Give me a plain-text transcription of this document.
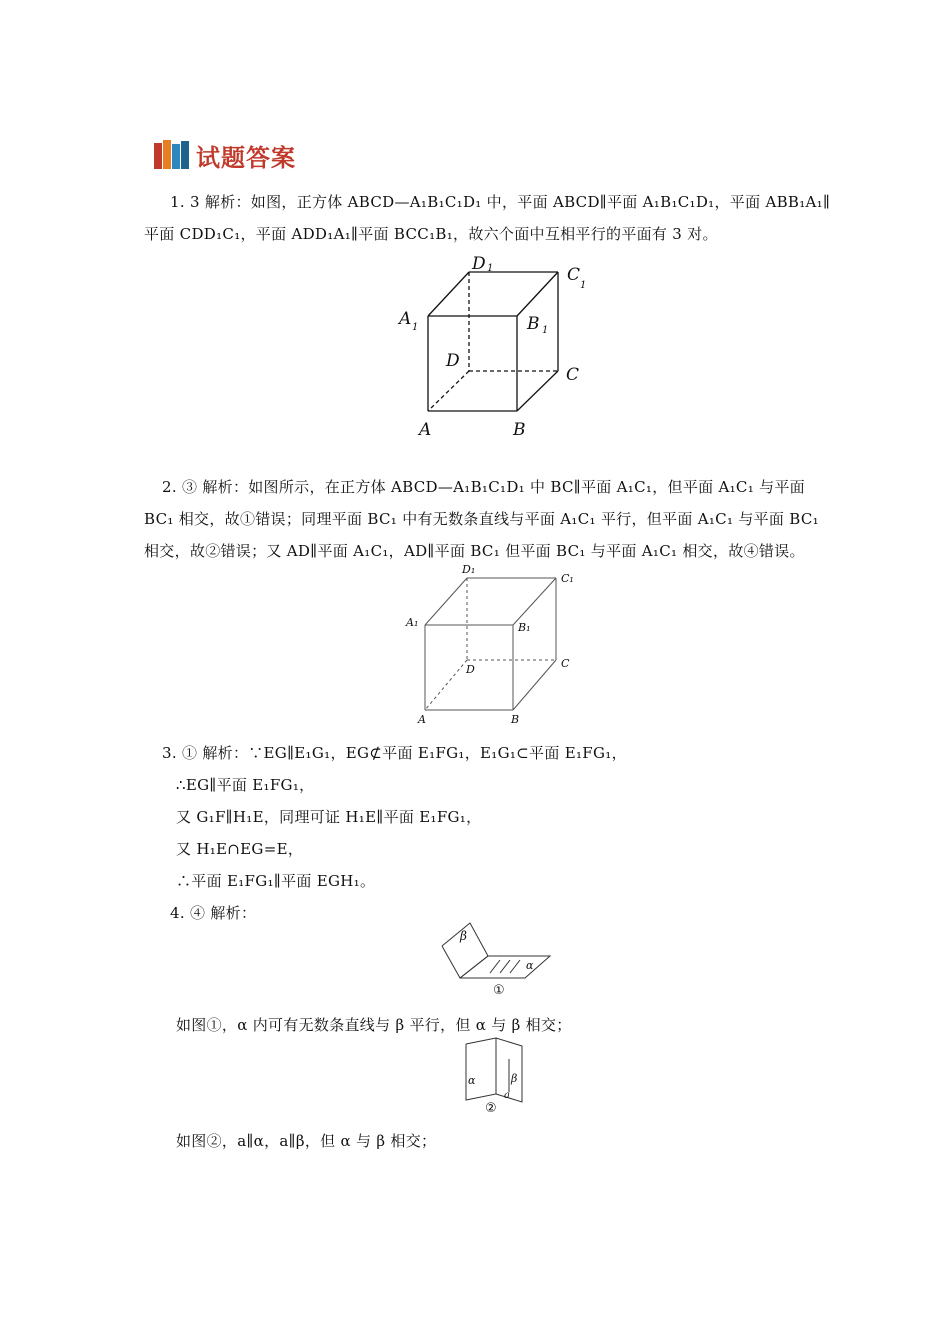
试题答案
1. 3 解析：如图，正方体 ABCD—A₁B₁C₁D₁ 中，平面 ABCD∥平面 A₁B₁C₁D₁，平面 ABB₁A₁∥
平面 CDD₁C₁，平面 ADD₁A₁∥平面 BCC₁B₁，故六个面中互相平行的平面有 3 对。
D 1	C
1
A 1	B 1
D
C
A	B
2. ③ 解析：如图所示，在正方体 ABCD—A₁B₁C₁D₁ 中 BC∥平面 A₁C₁，但平面 A₁C₁ 与平面
BC₁ 相交，故①错误；同理平面 BC₁ 中有无数条直线与平面 A₁C₁ 平行，但平面 A₁C₁ 与平面 BC₁
相交，故②错误；又 AD∥平面 A₁C₁，AD∥平面 BC₁ 但平面 BC₁ 与平面 A₁C₁ 相交，故④错误。
D₁
C₁
A₁	B₁
D	C
A	B
3. ① 解析：∵EG∥E₁G₁，EG⊄平面 E₁FG₁，E₁G₁⊂平面 E₁FG₁，
∴EG∥平面 E₁FG₁，
又 G₁F∥H₁E，同理可证 H₁E∥平面 E₁FG₁，
又 H₁E∩EG=E，
∴平面 E₁FG₁∥平面 EGH₁。
4. ④ 解析：
β
α
①
如图①，α 内可有无数条直线与 β 平行，但 α 与 β 相交；
α	β
a
②
如图②，a∥α，a∥β，但 α 与 β 相交；
